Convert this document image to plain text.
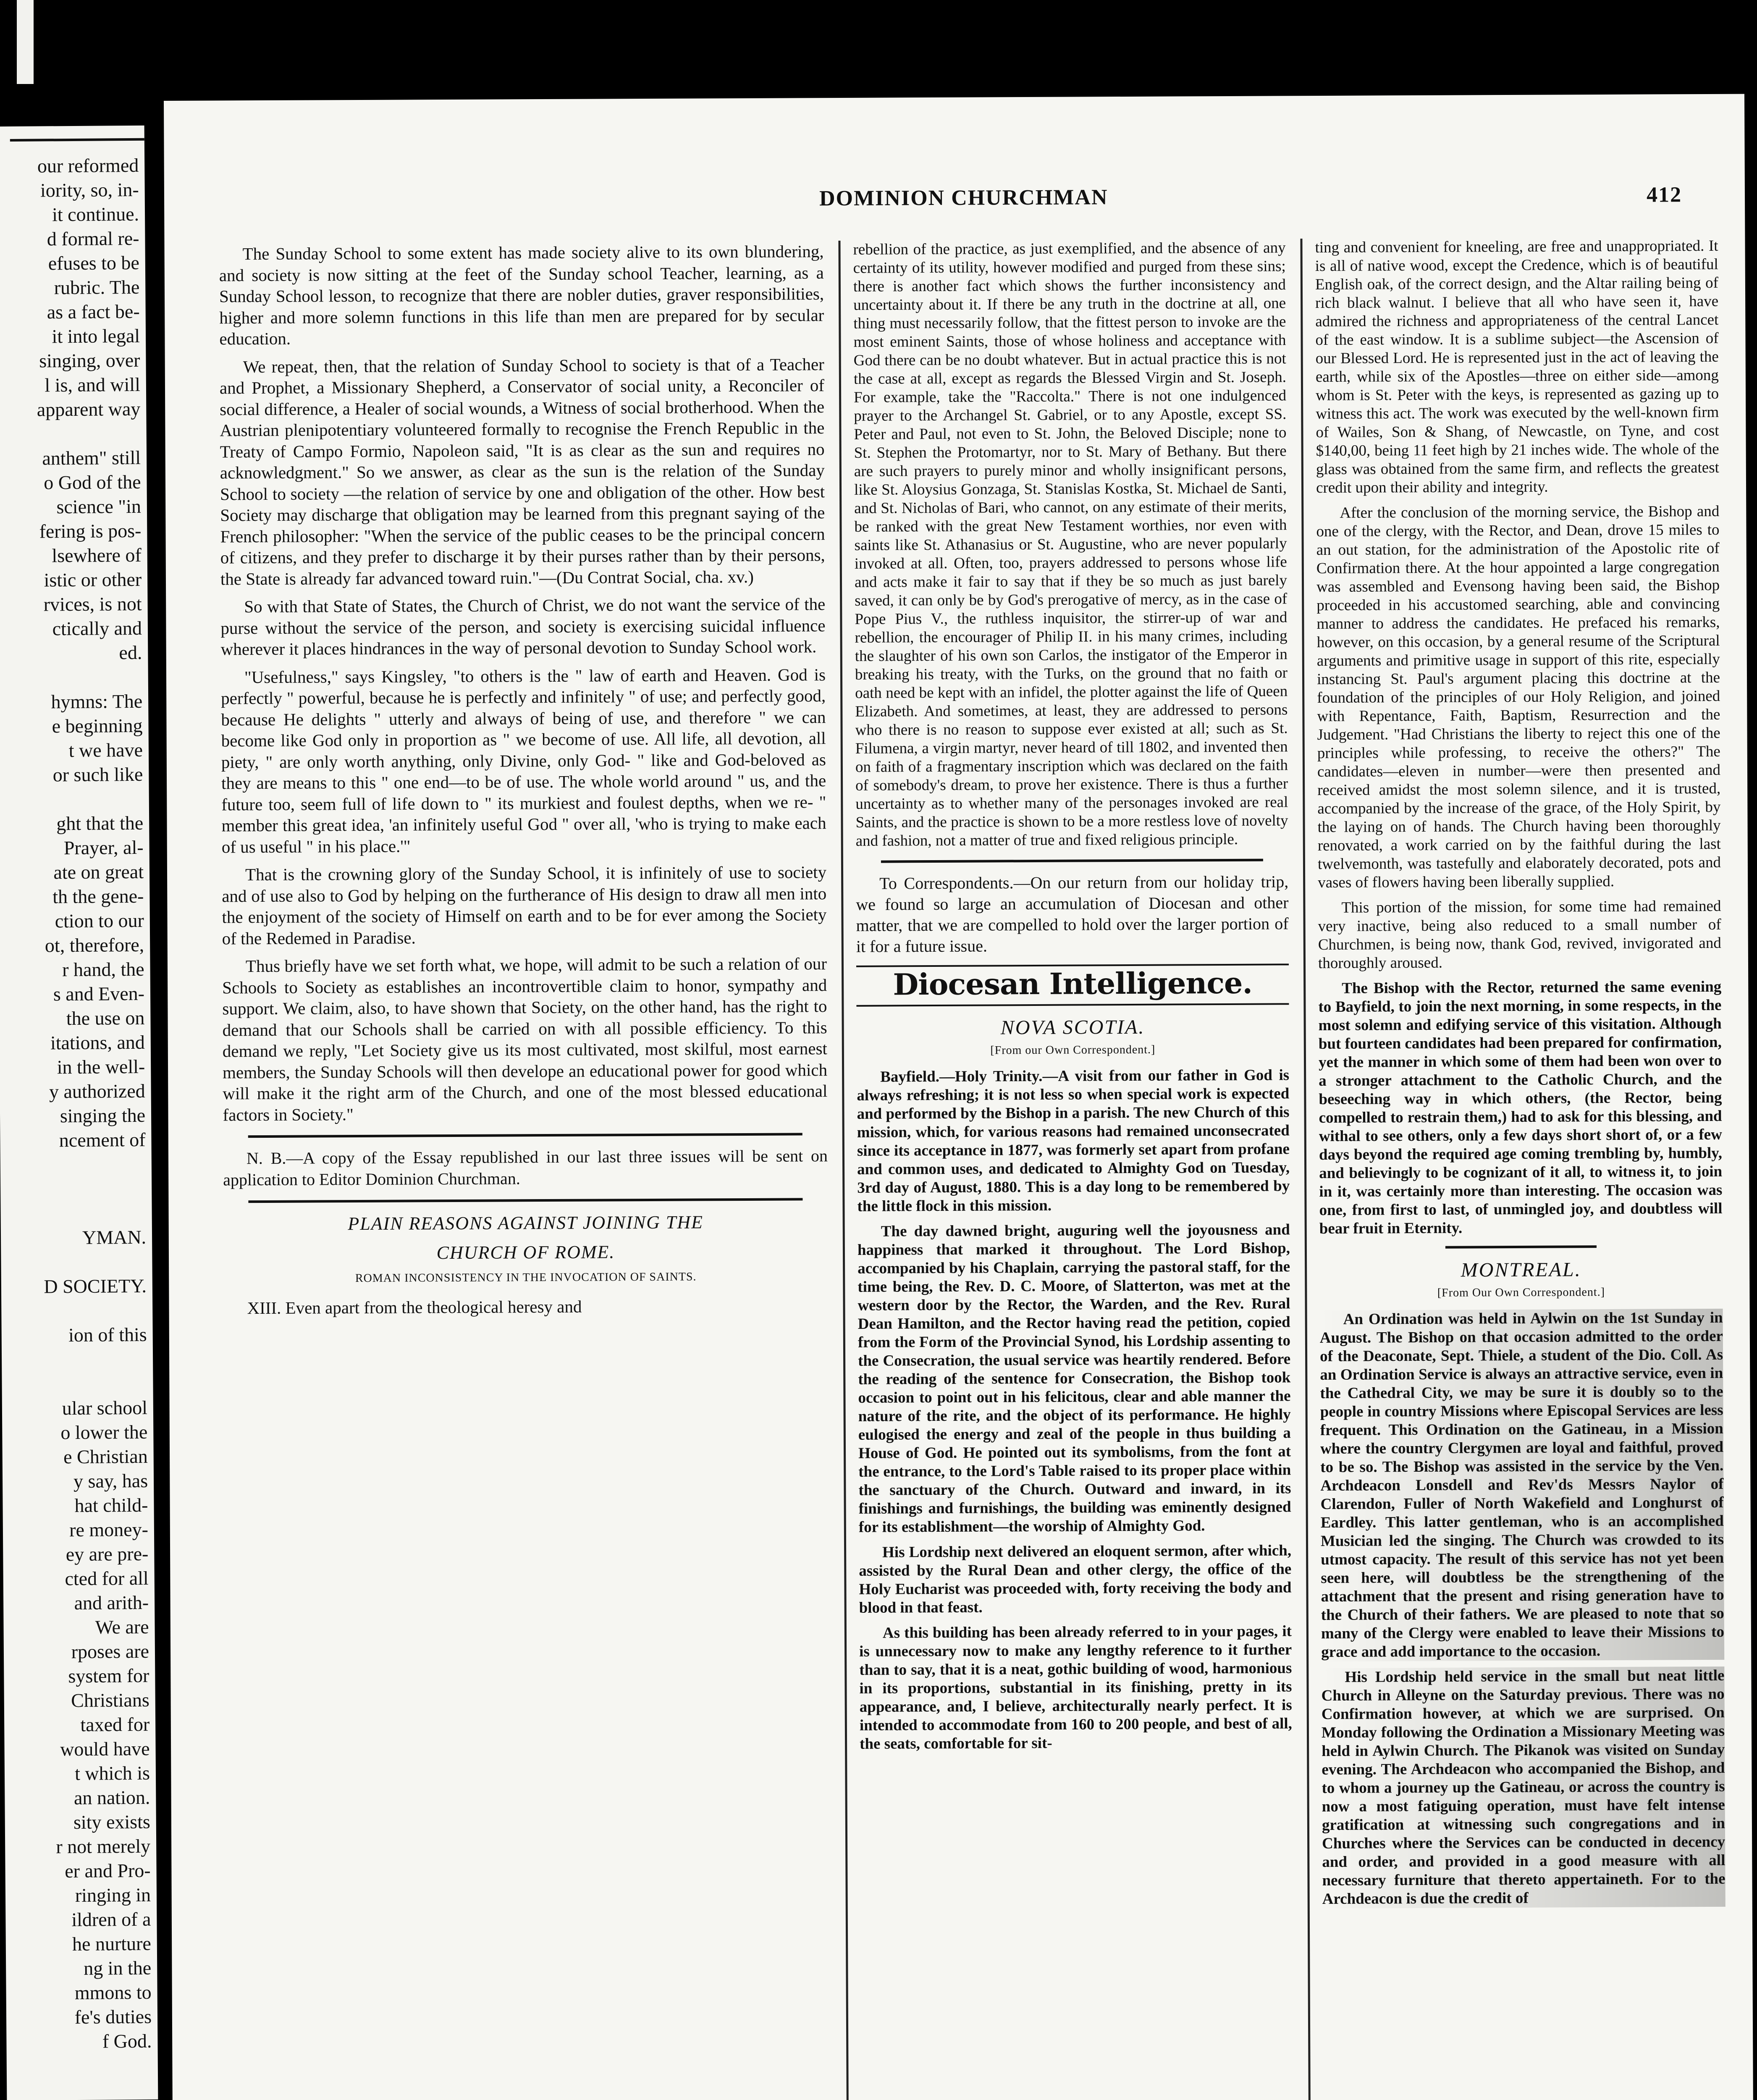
our reformed
iority, so, in-
it continue.
d formal re-
efuses to be
rubric. The
as a fact be-
it into legal
singing, over
l is, and will
apparent way

anthem" still
o God of the
science "in
fering is pos-
lsewhere of
istic or other
rvices, is not
ctically and
ed.

hymns: The
e beginning
t we have
or such like

ght that the
Prayer, al-
ate on great
th the gene-
ction to our
ot, therefore,
r hand, the
s and Even-
the use on
itations, and
in the well-
y authorized
singing the
ncement of

YMAN.

D SOCIETY.

ion of this

ular school
o lower the
e Christian
y say, has
hat child-
re money-
ey are pre-
cted for all
and arith-
We are
rposes are
system for
Christians
taxed for
would have
t which is
an nation.
sity exists
r not merely
er and Pro-
ringing in
ildren of a
he nurture
ng in the
mmons to
fe's duties
f God.
DOMINION CHURCHMAN	412

The Sunday School to some extent has made society alive to its own blundering, and society is now sitting at the feet of the Sunday school Teacher, learning, as a Sunday School lesson, to recognize that there are nobler duties, graver responsibilities, higher and more solemn functions in this life than men are prepared for by secular education.

We repeat, then, that the relation of Sunday School to society is that of a Teacher and Prophet, a Missionary Shepherd, a Conservator of social unity, a Reconciler of social difference, a Healer of social wounds, a Witness of social brotherhood. When the Austrian plenipotentiary volunteered formally to recognise the French Republic in the Treaty of Campo Formio, Napoleon said, "It is as clear as the sun and requires no acknowledgment." So we answer, as clear as the sun is the relation of the Sunday School to society —the relation of service by one and obligation of the other. How best Society may discharge that obligation may be learned from this pregnant saying of the French philosopher: "When the service of the public ceases to be the principal concern of citizens, and they prefer to discharge it by their purses rather than by their persons, the State is already far advanced toward ruin."—(Du Contrat Social, cha. xv.)

So with that State of States, the Church of Christ, we do not want the service of the purse without the service of the person, and society is exercising suicidal influence wherever it places hindrances in the way of personal devotion to Sunday School work.

"Usefulness," says Kingsley, "to others is the " law of earth and Heaven. God is perfectly " powerful, because he is perfectly and infinitely " of use; and perfectly good, because He delights " utterly and always of being of use, and therefore " we can become like God only in proportion as " we become of use. All life, all devotion, all piety, " are only worth anything, only Divine, only God- " like and God-beloved as they are means to this " one end—to be of use. The whole world around " us, and the future too, seem full of life down to " its murkiest and foulest depths, when we re- " member this great idea, 'an infinitely useful God " over all, 'who is trying to make each of us useful " in his place.'"

That is the crowning glory of the Sunday School, it is infinitely of use to society and of use also to God by helping on the furtherance of His design to draw all men into the enjoyment of the society of Himself on earth and to be for ever among the Society of the Redemed in Paradise.

Thus briefly have we set forth what, we hope, will admit to be such a relation of our Schools to Society as establishes an incontrovertible claim to honor, sympathy and support. We claim, also, to have shown that Society, on the other hand, has the right to demand that our Schools shall be carried on with all possible efficiency. To this demand we reply, "Let Society give us its most cultivated, most skilful, most earnest members, the Sunday Schools will then develope an educational power for good which will make it the right arm of the Church, and one of the most blessed educational factors in Society."

N. B.—A copy of the Essay republished in our last three issues will be sent on application to Editor Dominion Churchman.

PLAIN REASONS AGAINST JOINING THE
CHURCH OF ROME.
ROMAN INCONSISTENCY IN THE INVOCATION OF SAINTS.

XIII. Even apart from the theological heresy and

rebellion of the practice, as just exemplified, and the absence of any certainty of its utility, however modified and purged from these sins; there is another fact which shows the further inconsistency and uncertainty about it. If there be any truth in the doctrine at all, one thing must necessarily follow, that the fittest person to invoke are the most eminent Saints, those of whose holiness and acceptance with God there can be no doubt whatever. But in actual practice this is not the case at all, except as regards the Blessed Virgin and St. Joseph. For example, take the "Raccolta." There is not one indulgenced prayer to the Archangel St. Gabriel, or to any Apostle, except SS. Peter and Paul, not even to St. John, the Beloved Disciple; none to St. Stephen the Protomartyr, nor to St. Mary of Bethany. But there are such prayers to purely minor and wholly insignificant persons, like St. Aloysius Gonzaga, St. Stanislas Kostka, St. Michael de Santi, and St. Nicholas of Bari, who cannot, on any estimate of their merits, be ranked with the great New Testament worthies, nor even with saints like St. Athanasius or St. Augustine, who are never popularly invoked at all. Often, too, prayers addressed to persons whose life and acts make it fair to say that if they be so much as just barely saved, it can only be by God's prerogative of mercy, as in the case of Pope Pius V., the ruthless inquisitor, the stirrer-up of war and rebellion, the encourager of Philip II. in his many crimes, including the slaughter of his own son Carlos, the instigator of the Emperor in breaking his treaty, with the Turks, on the ground that no faith or oath need be kept with an infidel, the plotter against the life of Queen Elizabeth. And sometimes, at least, they are addressed to persons who there is no reason to suppose ever existed at all; such as St. Filumena, a virgin martyr, never heard of till 1802, and invented then on faith of a fragmentary inscription which was declared on the faith of somebody's dream, to prove her existence. There is thus a further uncertainty as to whether many of the personages invoked are real Saints, and the practice is shown to be a more restless love of novelty and fashion, not a matter of true and fixed religious principle.

To Correspondents.—On our return from our holiday trip, we found so large an accumulation of Diocesan and other matter, that we are compelled to hold over the larger portion of it for a future issue.

Diocesan Intelligence.
NOVA SCOTIA.
[From our Own Correspondent.]

Bayfield.—Holy Trinity.—A visit from our father in God is always refreshing; it is not less so when special work is expected and performed by the Bishop in a parish. The new Church of this mission, which, for various reasons had remained unconsecrated since its acceptance in 1877, was formerly set apart from profane and common uses, and dedicated to Almighty God on Tuesday, 3rd day of August, 1880. This is a day long to be remembered by the little flock in this mission.

The day dawned bright, auguring well the joyousness and happiness that marked it throughout. The Lord Bishop, accompanied by his Chaplain, carrying the pastoral staff, for the time being, the Rev. D. C. Moore, of Slatterton, was met at the western door by the Rector, the Warden, and the Rev. Rural Dean Hamilton, and the Rector having read the petition, copied from the Form of the Provincial Synod, his Lordship assenting to the Consecration, the usual service was heartily rendered. Before the reading of the sentence for Consecration, the Bishop took occasion to point out in his felicitous, clear and able manner the nature of the rite, and the object of its performance. He highly eulogised the energy and zeal of the people in thus building a House of God. He pointed out its symbolisms, from the font at the entrance, to the Lord's Table raised to its proper place within the sanctuary of the Church. Outward and inward, in its finishings and furnishings, the building was eminently designed for its establishment—the worship of Almighty God.

His Lordship next delivered an eloquent sermon, after which, assisted by the Rural Dean and other clergy, the office of the Holy Eucharist was proceeded with, forty receiving the body and blood in that feast.

As this building has been already referred to in your pages, it is unnecessary now to make any lengthy reference to it further than to say, that it is a neat, gothic building of wood, harmonious in its proportions, substantial in its finishing, pretty in its appearance, and, I believe, architecturally nearly perfect. It is intended to accommodate from 160 to 200 people, and best of all, the seats, comfortable for sit-

ting and convenient for kneeling, are free and unappropriated. It is all of native wood, except the Credence, which is of beautiful English oak, of the correct design, and the Altar railing being of rich black walnut. I believe that all who have seen it, have admired the richness and appropriateness of the central Lancet of the east window. It is a sublime subject—the Ascension of our Blessed Lord. He is represented just in the act of leaving the earth, while six of the Apostles—three on either side—among whom is St. Peter with the keys, is represented as gazing up to witness this act. The work was executed by the well-known firm of Wailes, Son & Shang, of Newcastle, on Tyne, and cost $140,00, being 11 feet high by 21 inches wide. The whole of the glass was obtained from the same firm, and reflects the greatest credit upon their ability and integrity.

After the conclusion of the morning service, the Bishop and one of the clergy, with the Rector, and Dean, drove 15 miles to an out station, for the administration of the Apostolic rite of Confirmation there. At the hour appointed a large congregation was assembled and Evensong having been said, the Bishop proceeded in his accustomed searching, able and convincing manner to address the candidates. He prefaced his remarks, however, on this occasion, by a general resume of the Scriptural arguments and primitive usage in support of this rite, especially instancing St. Paul's argument placing this doctrine at the foundation of the principles of our Holy Religion, and joined with Repentance, Faith, Baptism, Resurrection and the Judgement. "Had Christians the liberty to reject this one of the principles while professing, to receive the others?" The candidates—eleven in number—were then presented and received amidst the most solemn silence, and it is trusted, accompanied by the increase of the grace, of the Holy Spirit, by the laying on of hands. The Church having been thoroughly renovated, a work carried on by the faithful during the last twelvemonth, was tastefully and elaborately decorated, pots and vases of flowers having been liberally supplied.

This portion of the mission, for some time had remained very inactive, being also reduced to a small number of Churchmen, is being now, thank God, revived, invigorated and thoroughly aroused.

The Bishop with the Rector, returned the same evening to Bayfield, to join the next morning, in some respects, in the most solemn and edifying service of this visitation. Although but fourteen candidates had been prepared for confirmation, yet the manner in which some of them had been won over to a stronger attachment to the Catholic Church, and the beseeching way in which others, (the Rector, being compelled to restrain them,) had to ask for this blessing, and withal to see others, only a few days short short of, or a few days beyond the required age coming trembling by, humbly, and believingly to be cognizant of it all, to witness it, to join in it, was certainly more than interesting. The occasion was one, from first to last, of unmingled joy, and doubtless will bear fruit in Eternity.

MONTREAL.
[From Our Own Correspondent.]

An Ordination was held in Aylwin on the 1st Sunday in August. The Bishop on that occasion admitted to the order of the Deaconate, Sept. Thiele, a student of the Dio. Coll. As an Ordination Service is always an attractive service, even in the Cathedral City, we may be sure it is doubly so to the people in country Missions where Episcopal Services are less frequent. This Ordination on the Gatineau, in a Mission where the country Clergymen are loyal and faithful, proved to be so. The Bishop was assisted in the service by the Ven. Archdeacon Lonsdell and Rev'ds Messrs Naylor of Clarendon, Fuller of North Wakefield and Longhurst of Eardley. This latter gentleman, who is an accomplished Musician led the singing. The Church was crowded to its utmost capacity. The result of this service has not yet been seen here, will doubtless be the strengthening of the attachment that the present and rising generation have to the Church of their fathers. We are pleased to note that so many of the Clergy were enabled to leave their Missions to grace and add importance to the occasion.

His Lordship held service in the small but neat little Church in Alleyne on the Saturday previous. There was no Confirmation however, at which we are surprised. On Monday following the Ordination a Missionary Meeting was held in Aylwin Church. The Pikanok was visited on Sunday evening. The Archdeacon who accompanied the Bishop, and to whom a journey up the Gatineau, or across the country is now a most fatiguing operation, must have felt intense gratification at witnessing such congregations and in Churches where the Services can be conducted in decency and order, and provided in a good measure with all necessary furniture that thereto appertaineth. For to the Archdeacon is due the credit of
